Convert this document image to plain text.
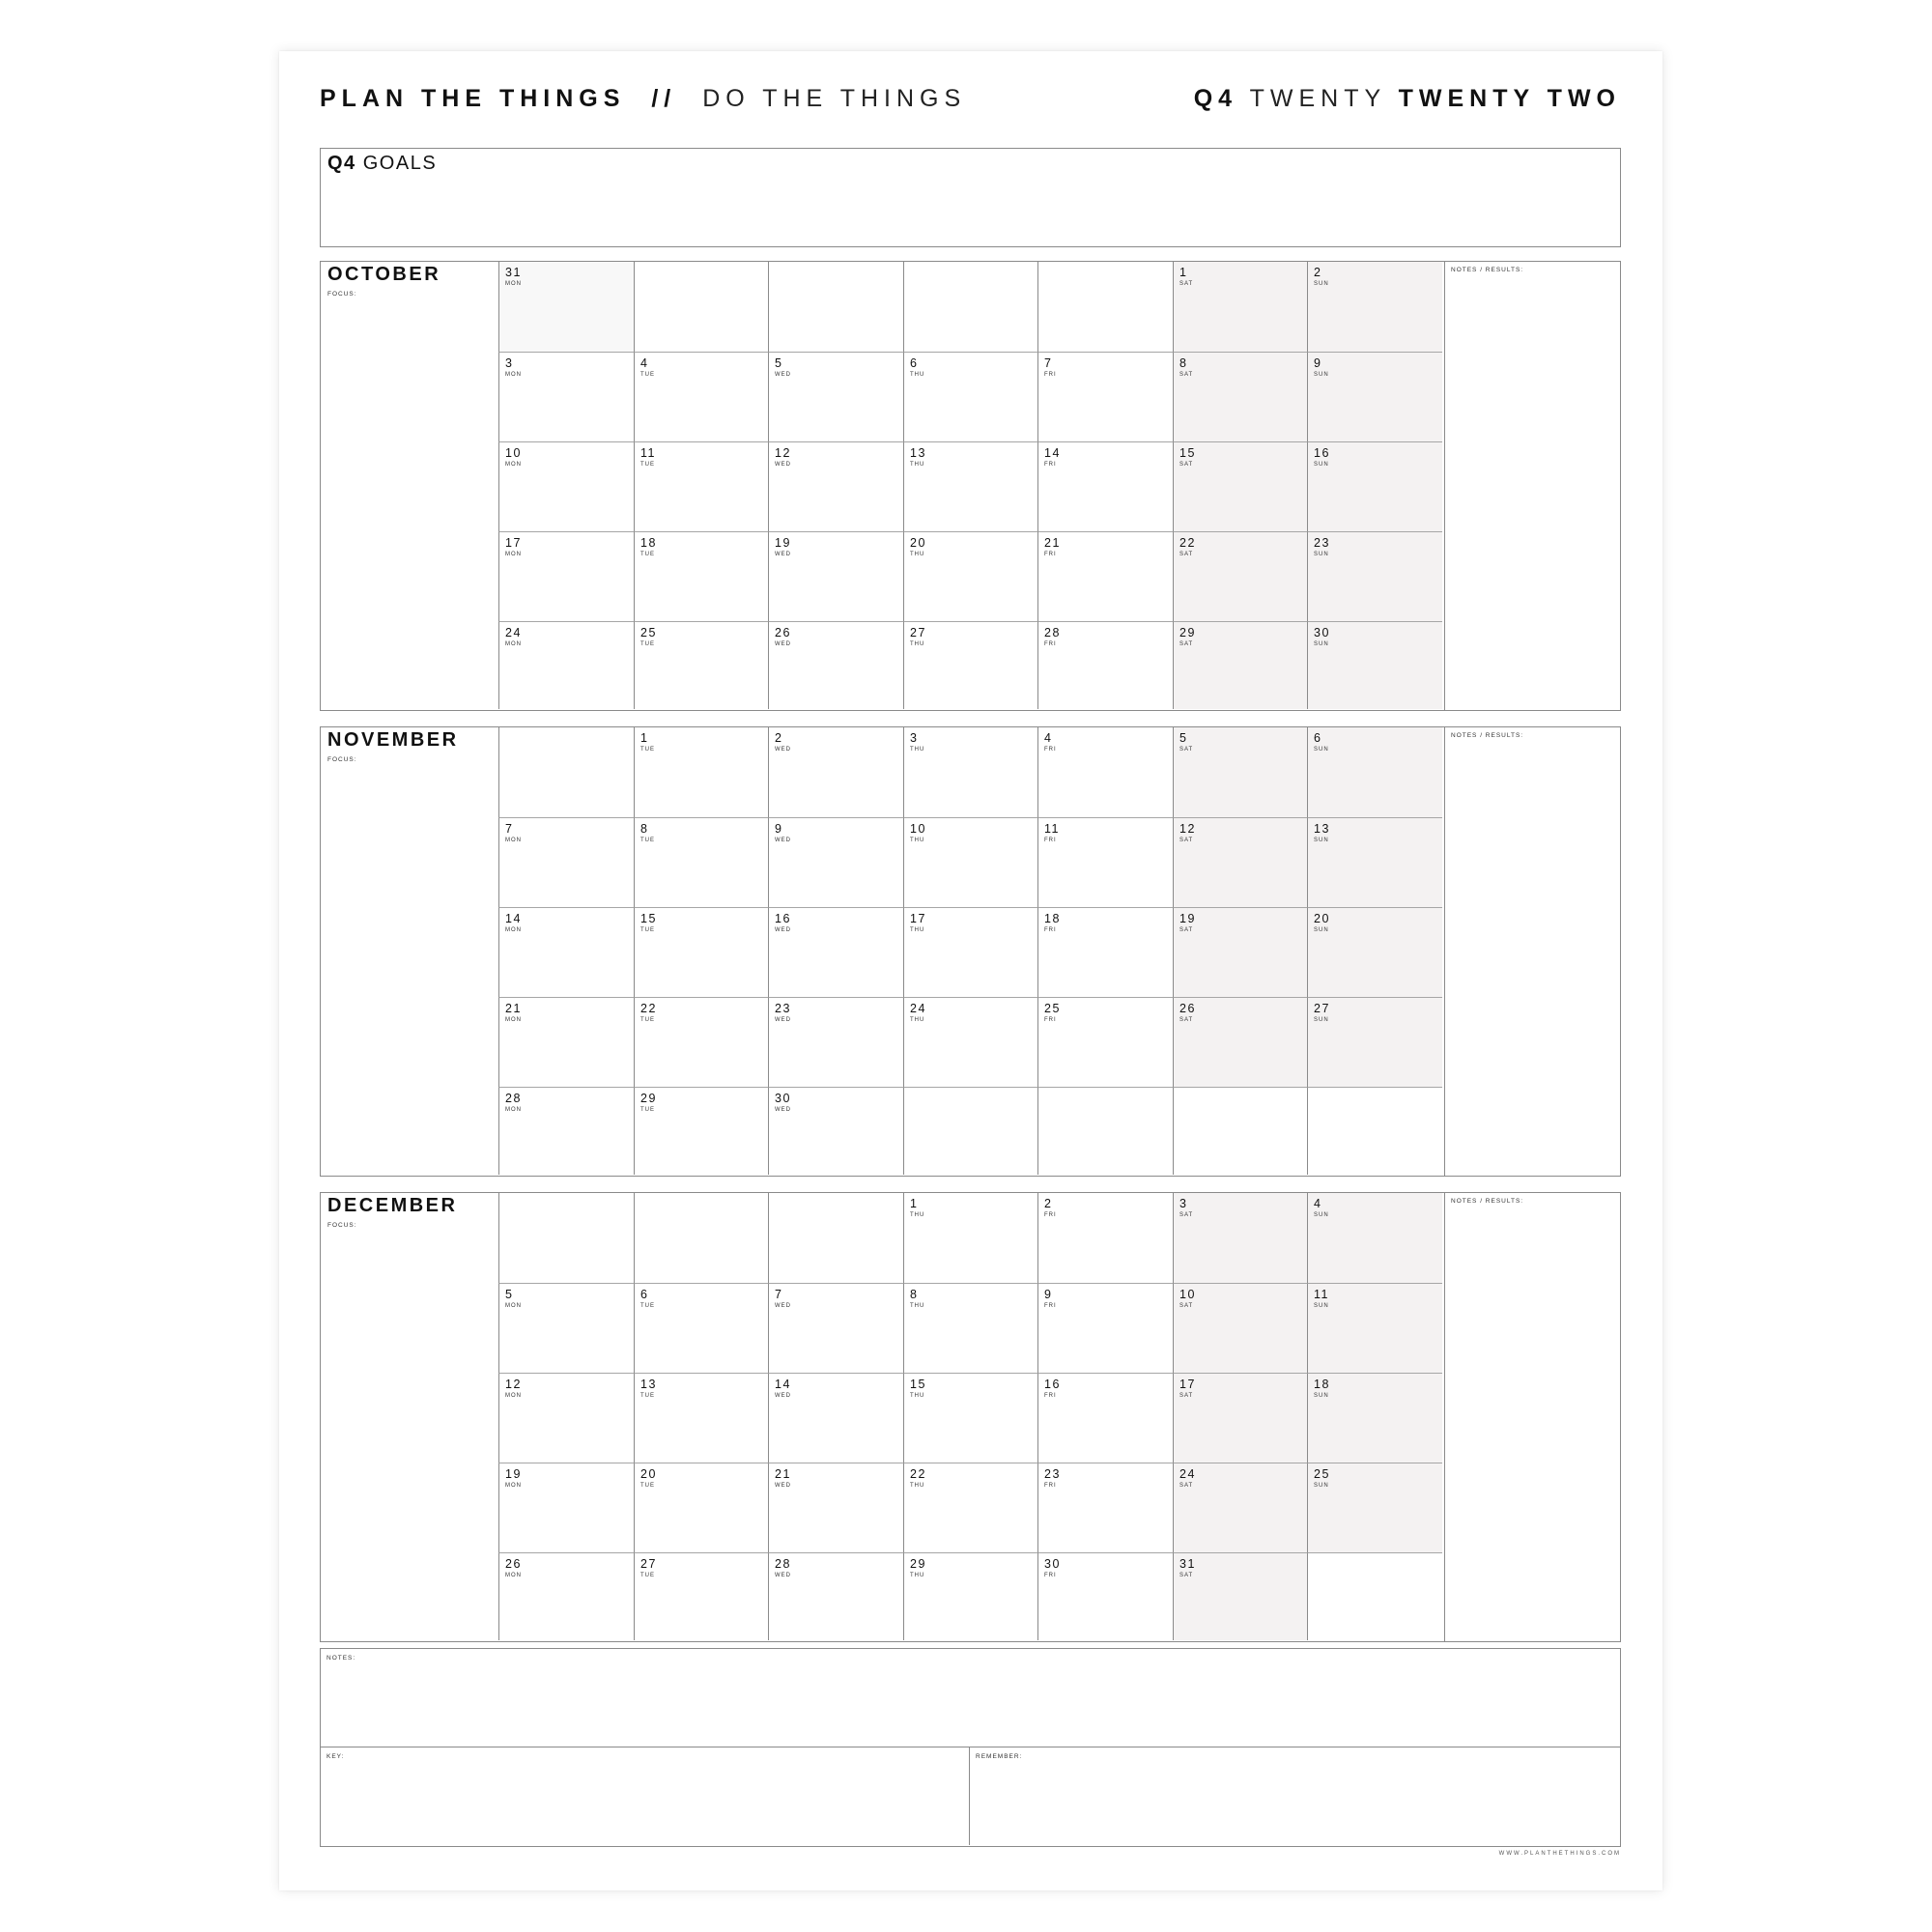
PLAN THE THINGS // DO THE THINGS	Q4 TWENTY TWENTY TWO
Q4 GOALS
OCTOBER
FOCUS:
31
MON
1
SAT
2
SUN
3
MON
4
TUE
5
WED
6
THU
7
FRI
8
SAT
9
SUN
10
MON
11
TUE
12
WED
13
THU
14
FRI
15
SAT
16
SUN
17
MON
18
TUE
19
WED
20
THU
21
FRI
22
SAT
23
SUN
24
MON
25
TUE
26
WED
27
THU
28
FRI
29
SAT
30
SUN
NOTES / RESULTS:
NOVEMBER
FOCUS:
1
TUE
2
WED
3
THU
4
FRI
5
SAT
6
SUN
7
MON
8
TUE
9
WED
10
THU
11
FRI
12
SAT
13
SUN
14
MON
15
TUE
16
WED
17
THU
18
FRI
19
SAT
20
SUN
21
MON
22
TUE
23
WED
24
THU
25
FRI
26
SAT
27
SUN
28
MON
29
TUE
30
WED
NOTES / RESULTS:
DECEMBER
FOCUS:
1
THU
2
FRI
3
SAT
4
SUN
5
MON
6
TUE
7
WED
8
THU
9
FRI
10
SAT
11
SUN
12
MON
13
TUE
14
WED
15
THU
16
FRI
17
SAT
18
SUN
19
MON
20
TUE
21
WED
22
THU
23
FRI
24
SAT
25
SUN
26
MON
27
TUE
28
WED
29
THU
30
FRI
31
SAT
NOTES / RESULTS:
NOTES:
KEY:	REMEMBER:
WWW.PLANTHETHINGS.COM
